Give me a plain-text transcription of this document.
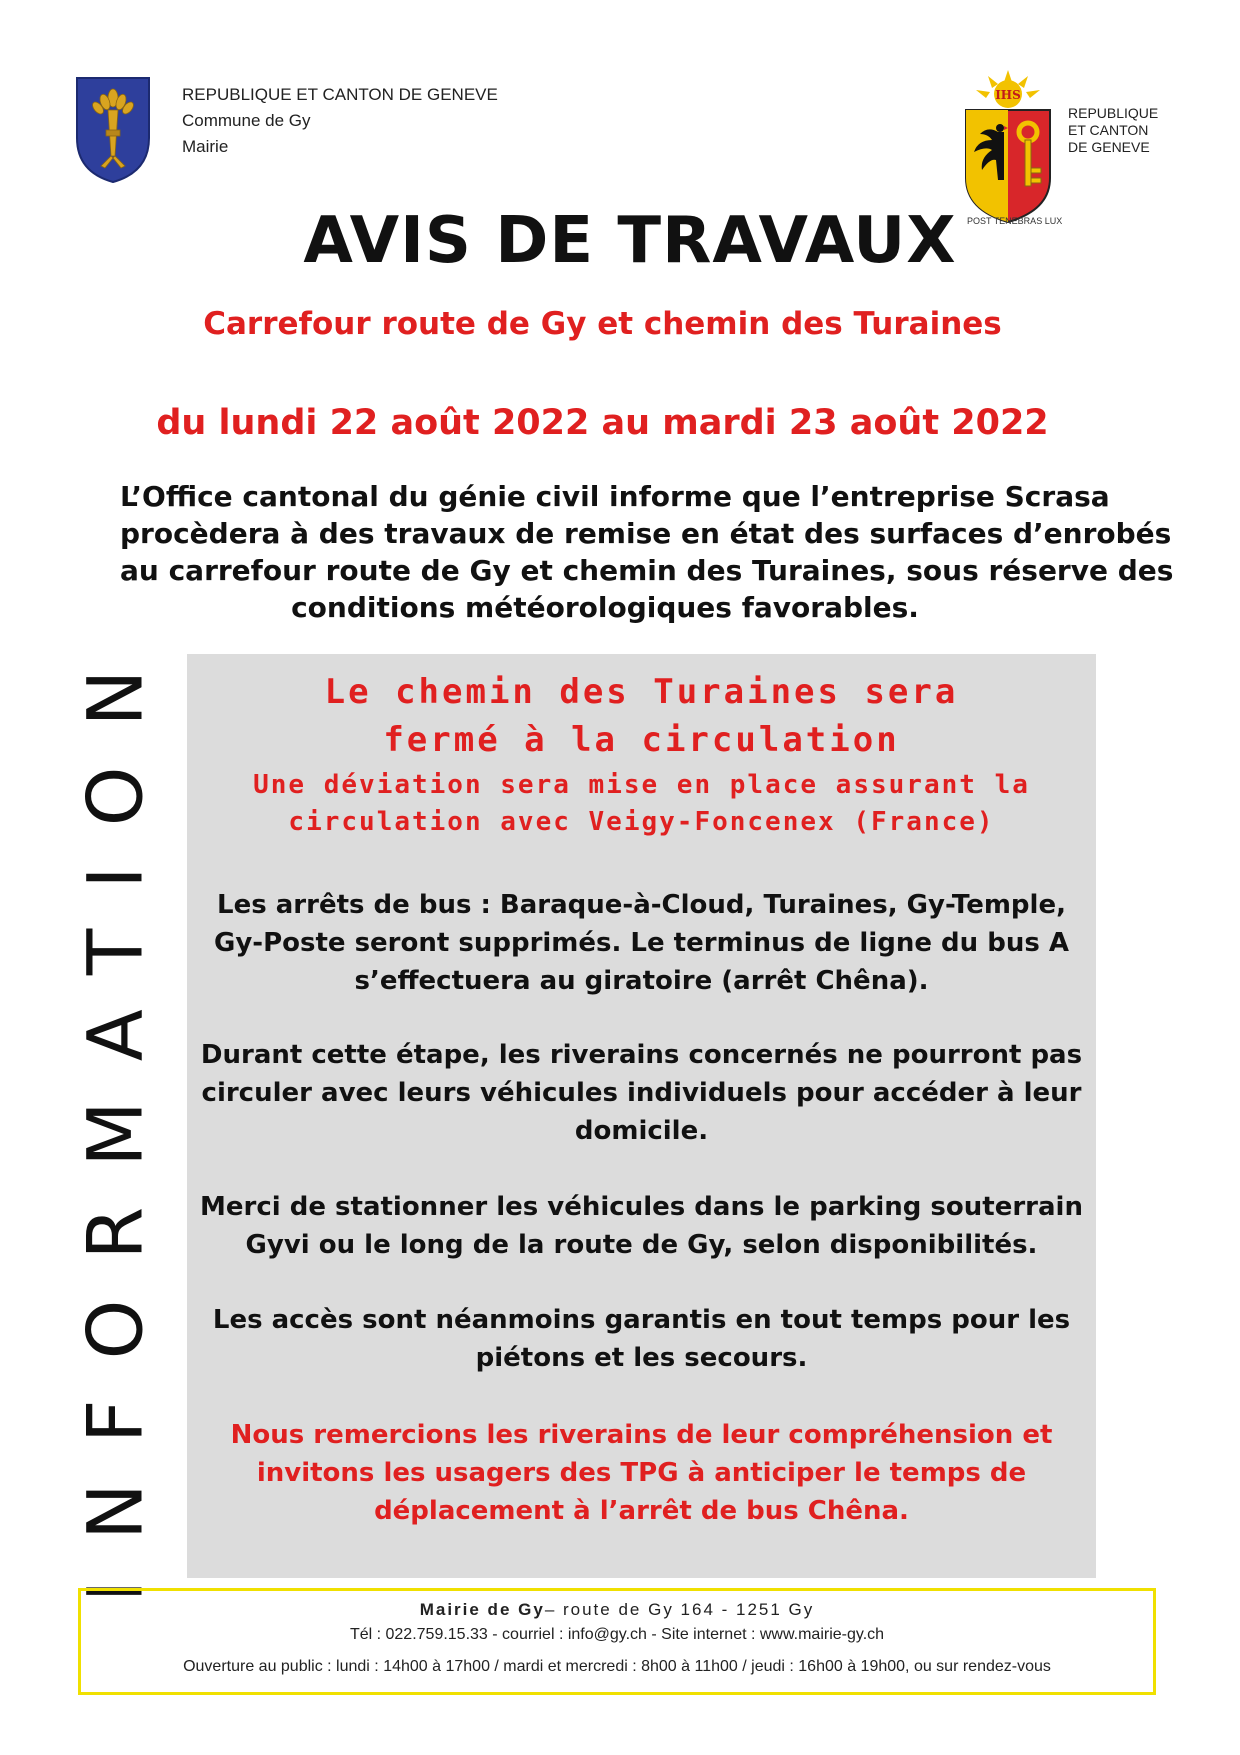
REPUBLIQUE ET CANTON DE GENEVE
Commune de Gy
Mairie
IHS
REPUBLIQUE
ET CANTON
DE GENEVE
POST TENEBRAS LUX
AVIS DE TRAVAUX
Carrefour route de Gy et chemin des Turaines
du lundi 22 août 2022 au mardi 23 août 2022
L’Office cantonal du génie civil informe que l’entreprise Scrasa
procèdera à des travaux de remise en état des surfaces d’enrobés
au carrefour route de Gy et chemin des Turaines, sous réserve des
conditions météorologiques favorables.
INFORMATION	Le chemin des Turaines sera
fermé à la circulation
Une déviation sera mise en place assurant la
circulation avec Veigy-Foncenex (France)
Les arrêts de bus : Baraque-à-Cloud, Turaines, Gy-Temple,
Gy-Poste seront supprimés. Le terminus de ligne du bus A
s’effectuera au giratoire (arrêt Chêna).
Durant cette étape, les riverains concernés ne pourront pas
circuler avec leurs véhicules individuels pour accéder à leur
domicile.
Merci de stationner les véhicules dans le parking souterrain
Gyvi ou le long de la route de Gy, selon disponibilités.
Les accès sont néanmoins garantis en tout temps pour les
piétons et les secours.
Nous remercions les riverains de leur compréhension et
invitons les usagers des TPG à anticiper le temps de
déplacement à l’arrêt de bus Chêna.
Mairie de Gy– route de Gy 164 - 1251 Gy
Tél : 022.759.15.33 - courriel : info@gy.ch - Site internet : www.mairie-gy.ch
Ouverture au public : lundi : 14h00 à 17h00 / mardi et mercredi : 8h00 à 11h00 / jeudi : 16h00 à 19h00, ou sur rendez-vous
